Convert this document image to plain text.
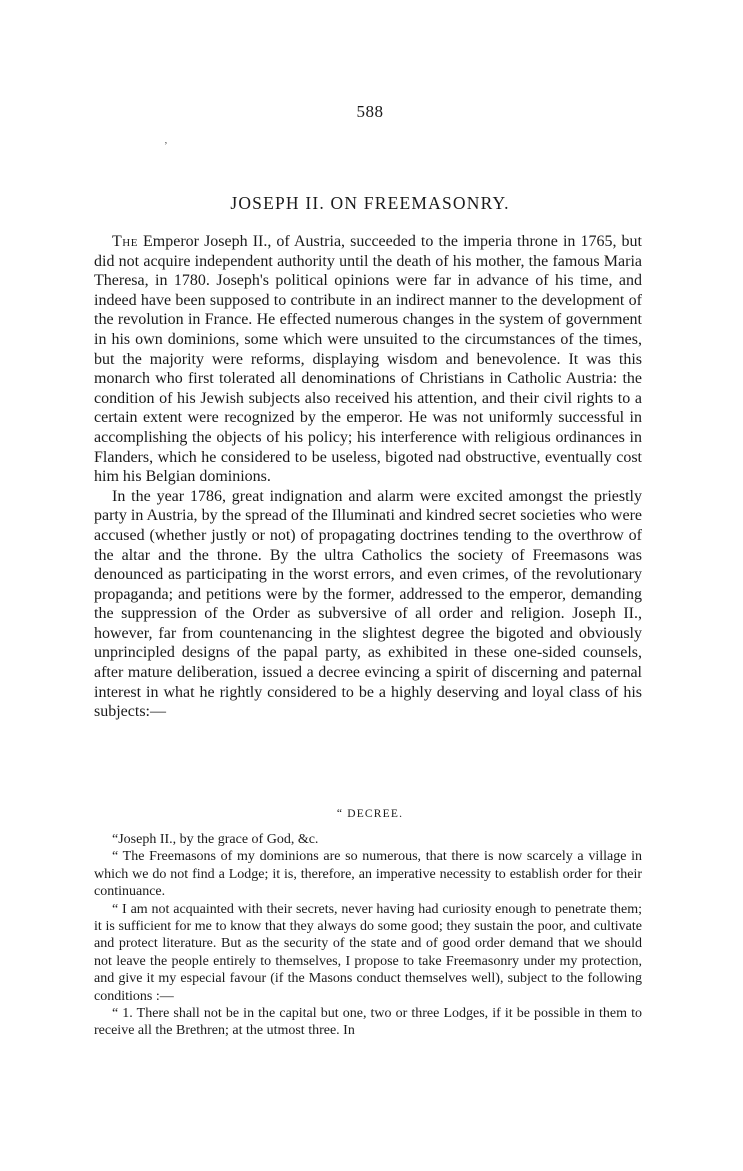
588
ʼ
JOSEPH II. ON FREEMASONRY.

The Emperor Joseph II., of Austria, succeeded to the imperia throne in 1765, but did not acquire independent authority until the death of his mother, the famous Maria Theresa, in 1780. Joseph's political opinions were far in advance of his time, and indeed have been supposed to contribute in an indirect manner to the development of the revolution in France. He effected numerous changes in the system of government in his own dominions, some which were unsuited to the circumstances of the times, but the majority were reforms, displaying wisdom and benevolence. It was this monarch who first tolerated all denominations of Christians in Catholic Austria: the condition of his Jewish subjects also received his attention, and their civil rights to a certain extent were recognized by the emperor. He was not uniformly successful in accomplishing the objects of his policy; his interference with religious ordinances in Flanders, which he considered to be useless, bigoted nad obstructive, eventually cost him his Belgian dominions.

In the year 1786, great indignation and alarm were excited amongst the priestly party in Austria, by the spread of the Illuminati and kindred secret societies who were accused (whether justly or not) of propagating doctrines tending to the overthrow of the altar and the throne. By the ultra Catholics the society of Freemasons was denounced as participating in the worst errors, and even crimes, of the revolutionary propaganda; and petitions were by the former, addressed to the emperor, demanding the suppression of the Order as subversive of all order and religion. Joseph II., however, far from countenancing in the slightest degree the bigoted and obviously unprincipled designs of the papal party, as exhibited in these one-sided counsels, after mature deliberation, issued a decree evincing a spirit of discerning and paternal interest in what he rightly considered to be a highly deserving and loyal class of his subjects:—

“ DECREE.

“Joseph II., by the grace of God, &c.

“ The Freemasons of my dominions are so numerous, that there is now scarcely a village in which we do not find a Lodge; it is, therefore, an imperative necessity to establish order for their continuance.

“ I am not acquainted with their secrets, never having had curiosity enough to penetrate them; it is sufficient for me to know that they always do some good; they sustain the poor, and cultivate and protect literature. But as the security of the state and of good order demand that we should not leave the people entirely to themselves, I propose to take Freemasonry under my protection, and give it my especial favour (if the Masons conduct themselves well), subject to the following conditions :—

“ 1. There shall not be in the capital but one, two or three Lodges, if it be possible in them to receive all the Brethren; at the utmost three. In
